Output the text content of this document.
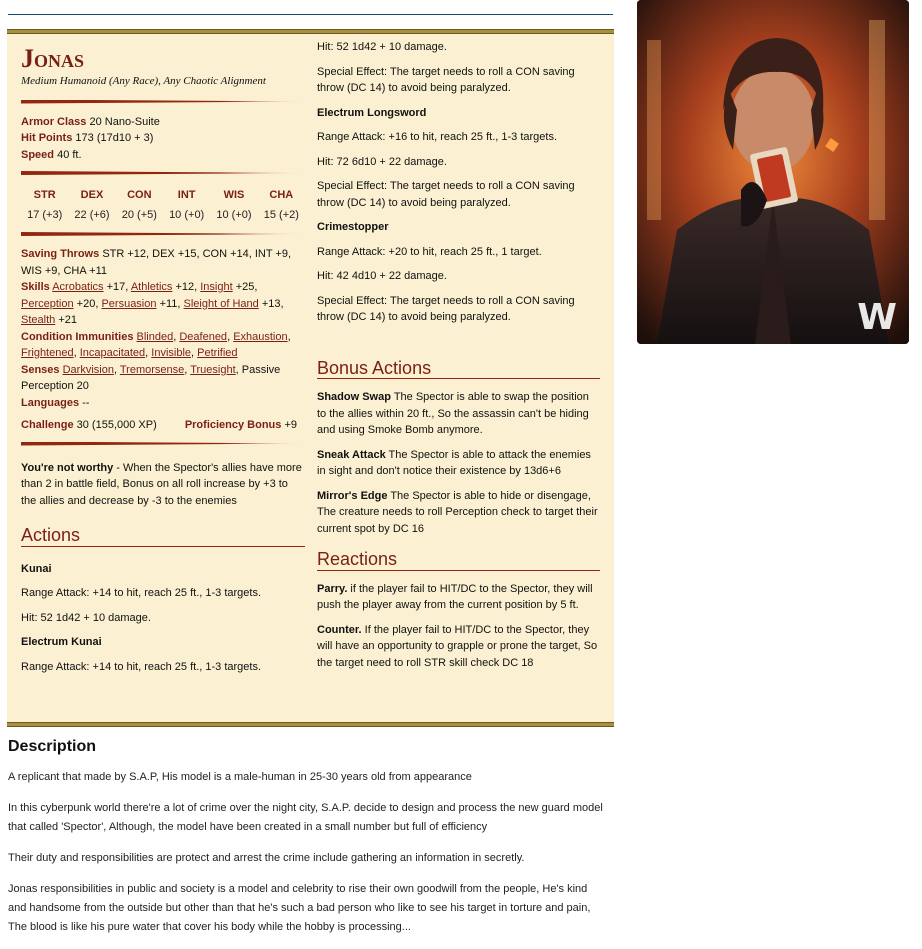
Jonas
Medium Humanoid (Any Race), Any Chaotic Alignment

Armor Class 20 Nano-Suite

Hit Points 173 (17d10 + 3)

Speed 40 ft.

STR	DEX	CON	INT	WIS	CHA
17 (+3)	22 (+6)	20 (+5)	10 (+0)	10 (+0)	15 (+2)

Saving Throws STR +12, DEX +15, CON +14, INT +9, WIS +9, CHA +11

Skills Acrobatics +17, Athletics +12, Insight +25, Perception +20, Persuasion +11, Sleight of Hand +13, Stealth +21

Condition Immunities Blinded, Deafened, Exhaustion, Frightened, Incapacitated, Invisible, Petrified

Senses Darkvision, Tremorsense, Truesight, Passive Perception 20

Languages --

Challenge 30 (155,000 XP)	Proficiency Bonus +9

You're not worthy - When the Spector's allies have more than 2 in battle field, Bonus on all roll increase by +3 to the allies and decrease by -3 to the enemies

Actions

Kunai

Range Attack: +14 to hit, reach 25 ft., 1-3 targets.

Hit: 52 1d42 + 10 damage.

Electrum Kunai

Range Attack: +14 to hit, reach 25 ft., 1-3 targets.

Hit: 52 1d42 + 10 damage.

Special Effect: The target needs to roll a CON saving throw (DC 14) to avoid being paralyzed.

Electrum Longsword

Range Attack: +16 to hit, reach 25 ft., 1-3 targets.

Hit: 72 6d10 + 22 damage.

Special Effect: The target needs to roll a CON saving throw (DC 14) to avoid being paralyzed.

Crimestopper

Range Attack: +20 to hit, reach 25 ft., 1 target.

Hit: 42 4d10 + 22 damage.

Special Effect: The target needs to roll a CON saving throw (DC 14) to avoid being paralyzed.

Bonus Actions

Shadow Swap The Spector is able to swap the position to the allies within 20 ft., So the assassin can't be hiding and using Smoke Bomb anymore.

Sneak Attack The Spector is able to attack the enemies in sight and don't notice their existence by 13d6+6

Mirror's Edge The Spector is able to hide or disengage, The creature needs to roll Perception check to target their current spot by DC 16

Reactions

Parry. if the player fail to HIT/DC to the Spector, they will push the player away from the current position by 5 ft.

Counter. If the player fail to HIT/DC to the Spector, they will have an opportunity to grapple or prone the target, So the target need to roll STR skill check DC 18

W
Description

A replicant that made by S.A.P, His model is a male-human in 25-30 years old from appearance

In this cyberpunk world there're a lot of crime over the night city, S.A.P. decide to design and process the new guard model that called 'Spector', Although, the model have been created in a small number but full of efficiency

Their duty and responsibilities are protect and arrest the crime include gathering an information in secretly.

Jonas responsibilities in public and society is a model and celebrity to rise their own goodwill from the people, He's kind and handsome from the outside but other than that he's such a bad person who like to see his target in torture and pain, The blood is like his pure water that cover his body while the hobby is processing...
